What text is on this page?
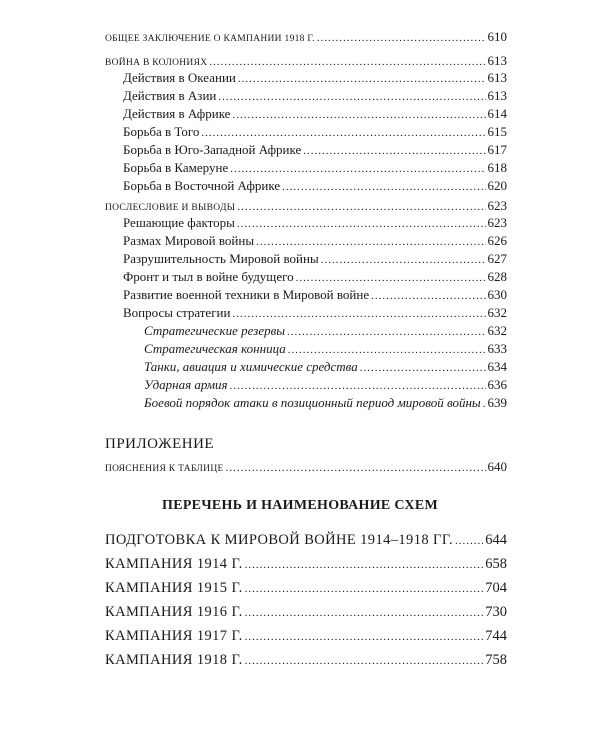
ОБЩЕЕ ЗАКЛЮЧЕНИЕ О КАМПАНИИ 1918 Г. .....	610
ВОЙНА В КОЛОНИЯХ .....	613
Действия в Океании .....	613
Действия в Азии .....	613
Действия в Африке .....	614
Борьба в Того .....	615
Борьба в Юго-Западной Африке .....	617
Борьба в Камеруне .....	618
Борьба в Восточной Африке .....	620
ПОСЛЕСЛОВИЕ И ВЫВОДЫ .....	623
Решающие факторы .....	623
Размах Мировой войны .....	626
Разрушительность Мировой войны .....	627
Фронт и тыл в войне будущего .....	628
Развитие военной техники в Мировой войне .....	630
Вопросы стратегии .....	632
Стратегические резервы .....	632
Стратегическая конница .....	633
Танки, авиация и химические средства .....	634
Ударная армия .....	636
Боевой порядок атаки в позиционный период мировой войны ..... 639
ПРИЛОЖЕНИЕ
ПОЯСНЕНИЯ К ТАБЛИЦЕ .....	640
ПЕРЕЧЕНЬ И НАИМЕНОВАНИЕ СХЕМ
ПОДГОТОВКА К МИРОВОЙ ВОЙНЕ 1914–1918 ГГ. ..... 644
КАМПАНИЯ 1914 Г. .....	658
КАМПАНИЯ 1915 Г. .....	704
КАМПАНИЯ 1916 Г. .....	730
КАМПАНИЯ 1917 Г. .....	744
КАМПАНИЯ 1918 Г. .....	758
